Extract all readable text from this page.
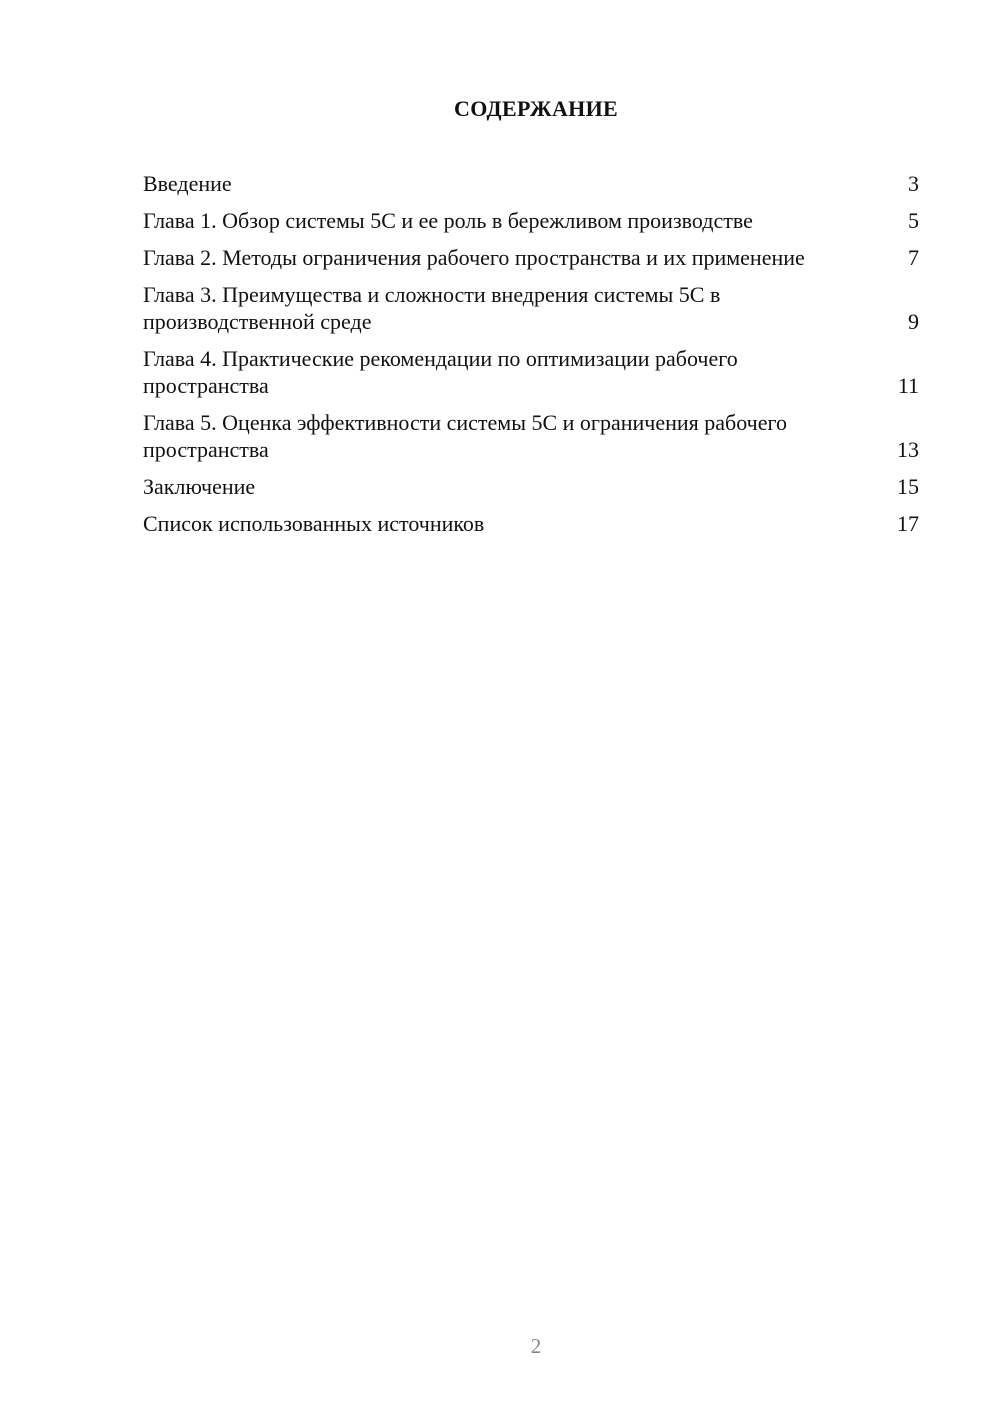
СОДЕРЖАНИЕ
Введение	3
Глава 1. Обзор системы 5С и ее роль в бережливом производстве	5
Глава 2. Методы ограничения рабочего пространства и их применение	7
Глава 3. Преимущества и сложности внедрения системы 5С в производственной среде	9
Глава 4. Практические рекомендации по оптимизации рабочего пространства	11
Глава 5. Оценка эффективности системы 5С и ограничения рабочего пространства	13
Заключение	15
Список использованных источников	17
2
